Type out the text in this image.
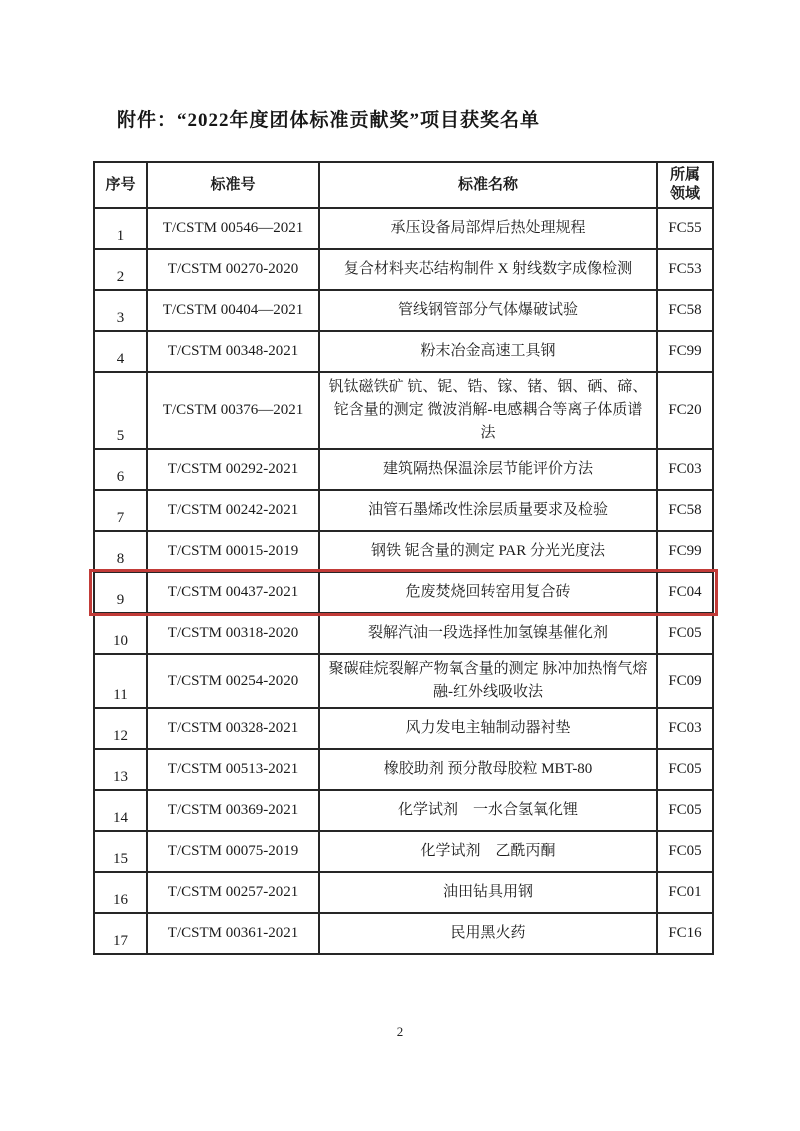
附件：“2022年度团体标准贡献奖”项目获奖名单
序号	标准号	标准名称	所属
领域

1	T/CSTM 00546—2021	承压设备局部焊后热处理规程	FC55
2	T/CSTM 00270-2020	复合材料夹芯结构制件 X 射线数字成像检测	FC53
3	T/CSTM 00404—2021	管线钢管部分气体爆破试验	FC58
4	T/CSTM 00348-2021	粉末冶金高速工具钢	FC99
5	T/CSTM 00376—2021	钒钛磁铁矿 钪、铌、锆、镓、锗、铟、硒、碲、铊含量的测定 微波消解-电感耦合等离子体质谱法	FC20
6	T/CSTM 00292-2021	建筑隔热保温涂层节能评价方法	FC03
7	T/CSTM 00242-2021	油管石墨烯改性涂层质量要求及检验	FC58
8	T/CSTM 00015-2019	钢铁 铌含量的测定 PAR 分光光度法	FC99
9	T/CSTM 00437-2021	危废焚烧回转窑用复合砖	FC04
10	T/CSTM 00318-2020	裂解汽油一段选择性加氢镍基催化剂	FC05
11	T/CSTM 00254-2020	聚碳硅烷裂解产物氧含量的测定 脉冲加热惰气熔融-红外线吸收法	FC09
12	T/CSTM 00328-2021	风力发电主轴制动器衬垫	FC03
13	T/CSTM 00513-2021	橡胶助剂 预分散母胶粒 MBT-80	FC05
14	T/CSTM 00369-2021	化学试剂　一水合氢氧化锂	FC05
15	T/CSTM 00075-2019	化学试剂　乙酰丙酮	FC05
16	T/CSTM 00257-2021	油田钻具用钢	FC01
17	T/CSTM 00361-2021	民用黑火药	FC16
2
